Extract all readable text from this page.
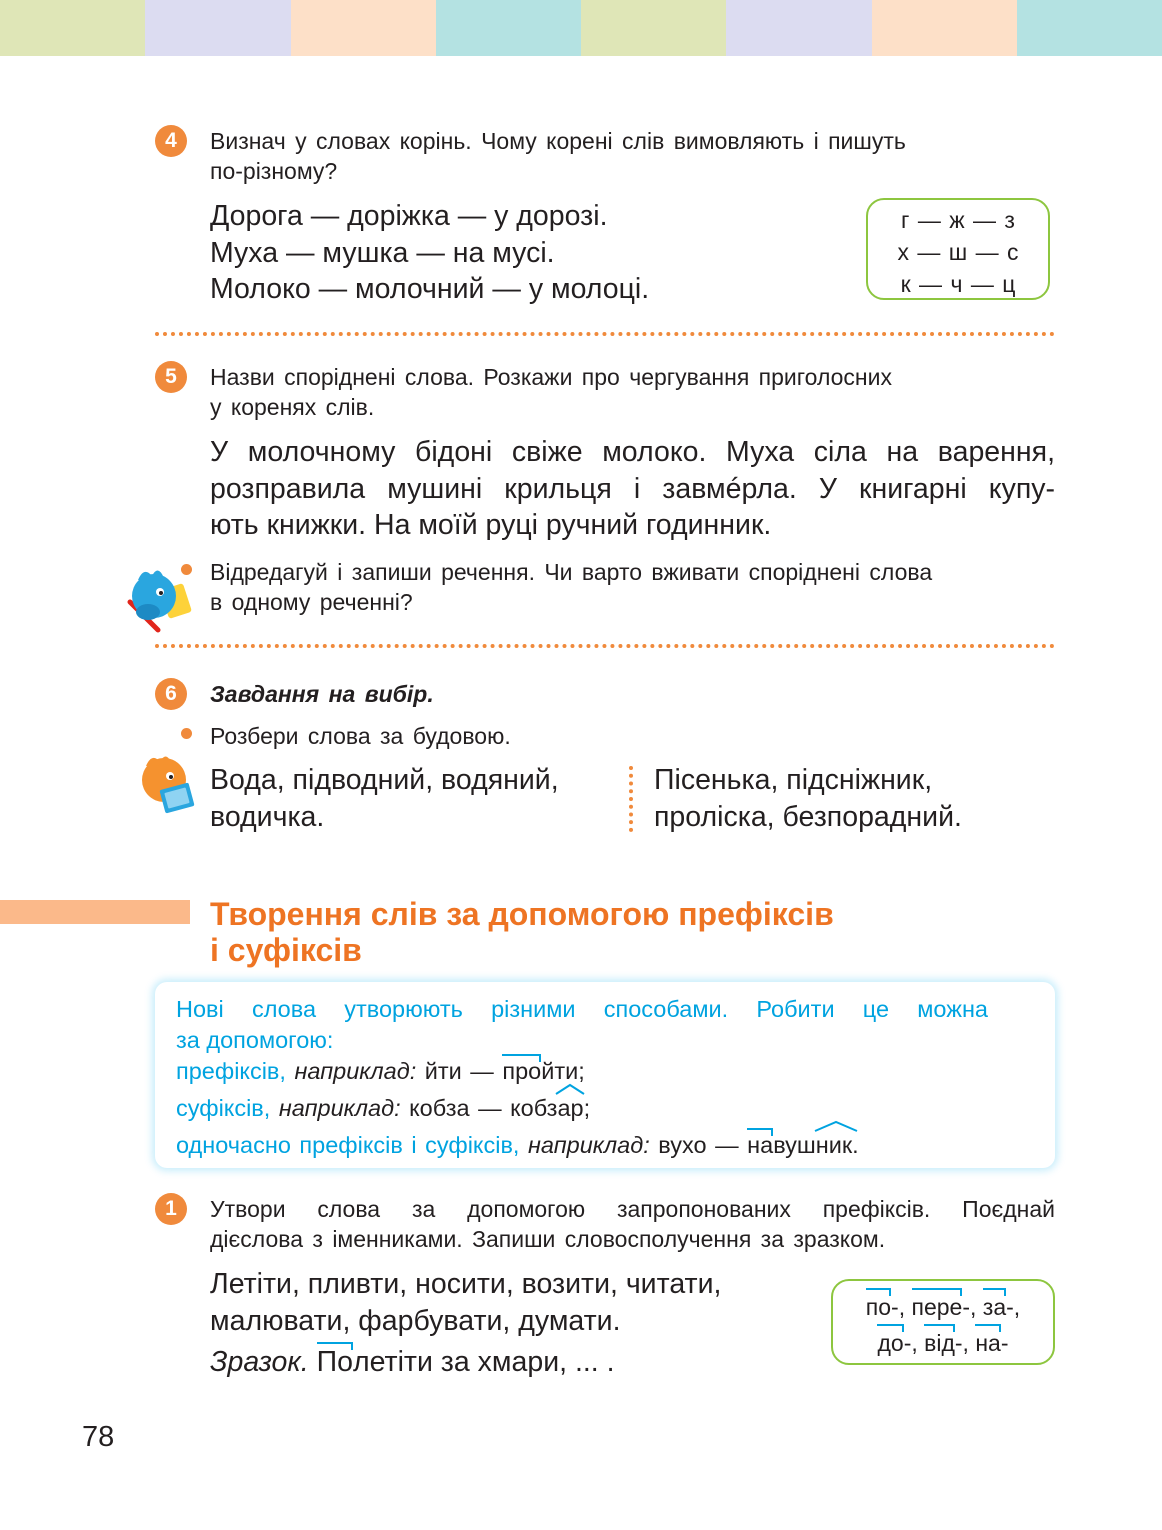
4	Визнач у словах корінь. Чому корені слів вимовляють і пишуть
по-різному?
Дорога — доріжка — у дорозі.
Муха — мушка — на мусі.
Молоко — молочний — у молоці.
г — ж — з
х — ш — с
к — ч — ц
5	Назви споріднені слова. Розкажи про чергування приголосних
у коренях слів.
У молочному бідоні свіже молоко. Муха сіла на варення,
розправила мушині крильця і завмéрла. У книгарні купу-
ють книжки. На моїй руці ручний годинник.
Відредагуй і запиши речення. Чи варто вживати споріднені слова
в одному реченні?
6	Завдання на вибір.
Розбери слова за будовою.
Вода, підводний, водяний,
водичка.
Пісенька, підсніжник,
проліска, безпорадний.
Творення слів за допомогою префіксів
і суфіксів
Нові слова утворюють різними способами. Робити це можна
за допомогою:
префіксів, наприклад: йти — пройти;
суфіксів, наприклад: кобза — кобз
ар;
одночасно префіксів і суфіксів, наприклад: вухо — навуш
ник.
1	Утвори слова за допомогою запропонованих префіксів. Поєднай
дієслова з іменниками. Запиши словосполучення за зразком.
Летіти, пливти, носити, возити, читати,
малювати, фарбувати, думати.
Зразок. Полетіти за хмари, ... .
по-, пере-, за-,
до-, від-, на-
78
